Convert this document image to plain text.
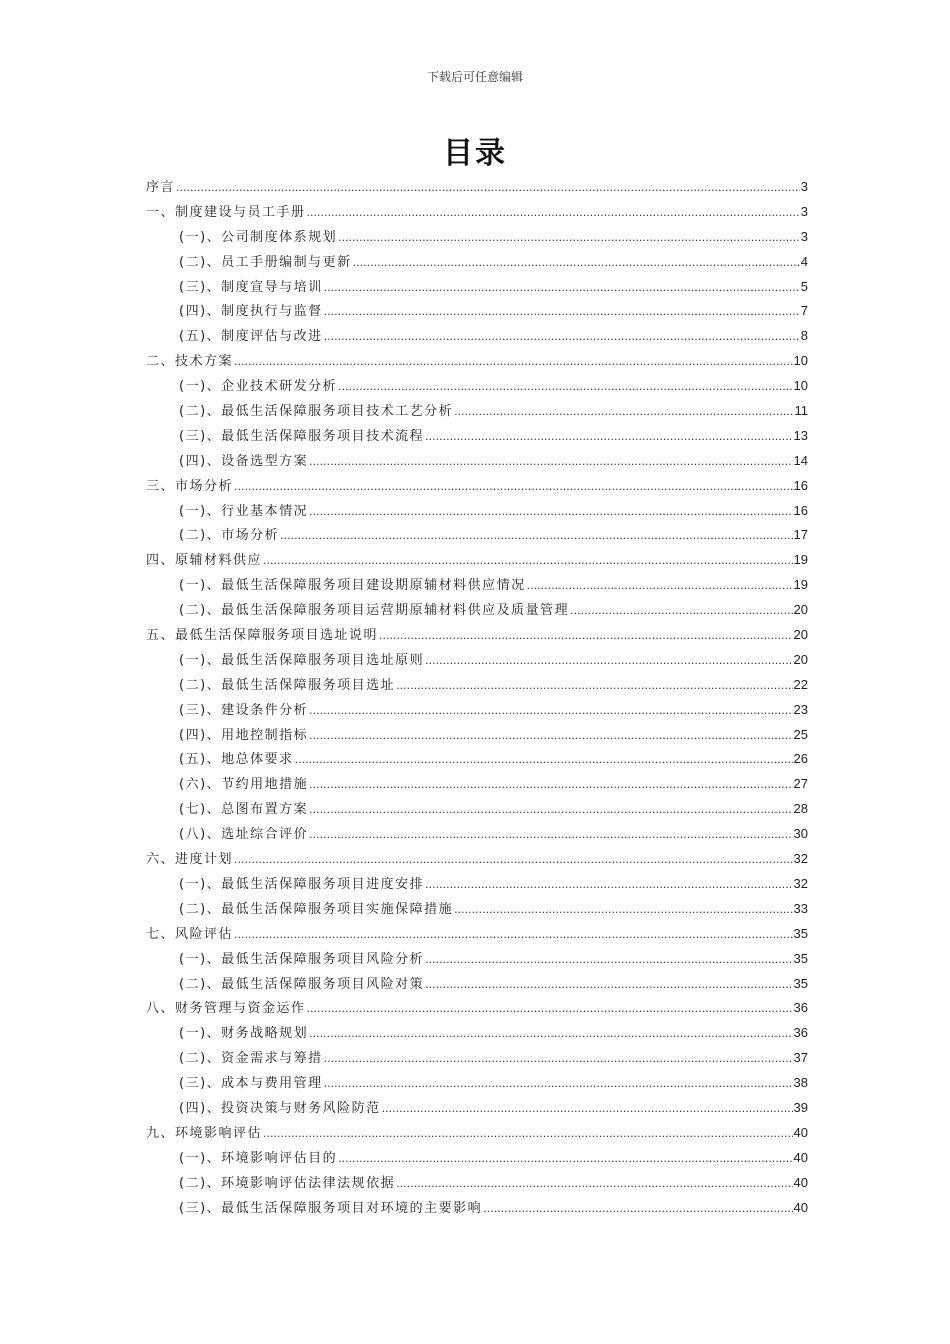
下载后可任意编辑
目录
序言 .....	3
一、制度建设与员工手册 .....	3
(一)、公司制度体系规划 .....	3
(二)、员工手册编制与更新 .....	4
(三)、制度宣导与培训 .....	5
(四)、制度执行与监督 .....	7
(五)、制度评估与改进 .....	8
二、技术方案 .....	10
(一)、企业技术研发分析 .....	10
(二)、最低生活保障服务项目技术工艺分析 .....	11
(三)、最低生活保障服务项目技术流程 .....	13
(四)、设备选型方案 .....	14
三、市场分析 .....	16
(一)、行业基本情况 .....	16
(二)、市场分析 .....	17
四、原辅材料供应 .....	19
(一)、最低生活保障服务项目建设期原辅材料供应情况 .....	19
(二)、最低生活保障服务项目运营期原辅材料供应及质量管理 .....	20
五、最低生活保障服务项目选址说明 .....	20
(一)、最低生活保障服务项目选址原则 .....	20
(二)、最低生活保障服务项目选址 .....	22
(三)、建设条件分析 .....	23
(四)、用地控制指标 .....	25
(五)、地总体要求 .....	26
(六)、节约用地措施 .....	27
(七)、总图布置方案 .....	28
(八)、选址综合评价 .....	30
六、进度计划 .....	32
(一)、最低生活保障服务项目进度安排 .....	32
(二)、最低生活保障服务项目实施保障措施 .....	33
七、风险评估 .....	35
(一)、最低生活保障服务项目风险分析 .....	35
(二)、最低生活保障服务项目风险对策 .....	35
八、财务管理与资金运作 .....	36
(一)、财务战略规划 .....	36
(二)、资金需求与筹措 .....	37
(三)、成本与费用管理 .....	38
(四)、投资决策与财务风险防范 .....	39
九、环境影响评估 .....	40
(一)、环境影响评估目的 .....	40
(二)、环境影响评估法律法规依据 .....	40
(三)、最低生活保障服务项目对环境的主要影响 .....	40
